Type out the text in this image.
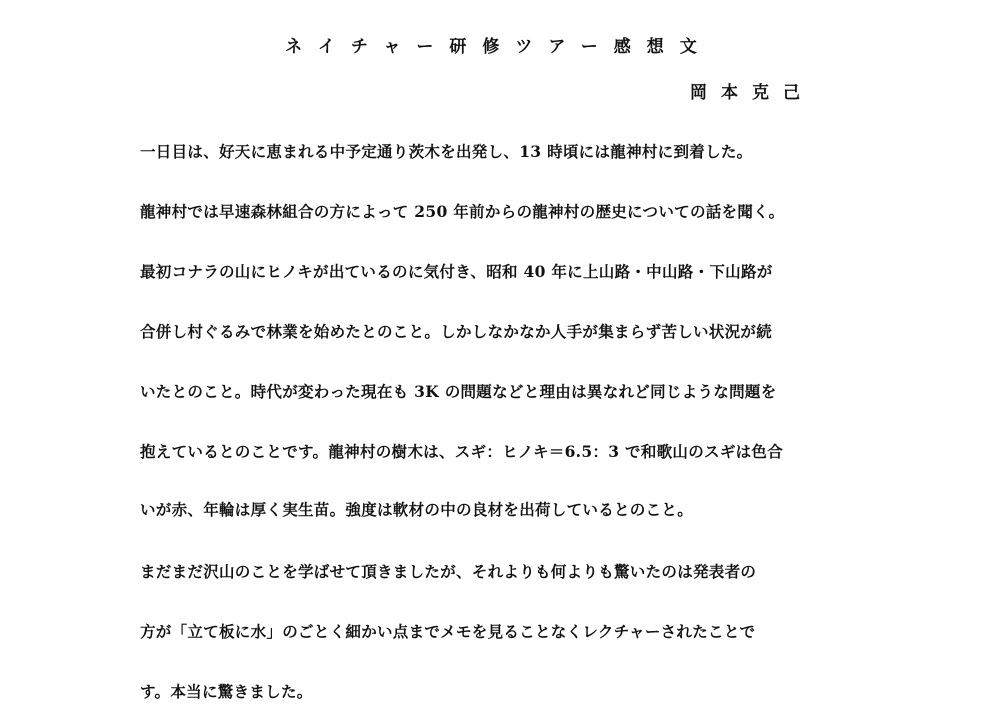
ネイチャー研修ツアー感想文
岡本克己
一日目は、好天に恵まれる中予定通り茨木を出発し、13 時頃には龍神村に到着した。
龍神村では早速森林組合の方によって 250 年前からの龍神村の歴史についての話を聞く。
最初コナラの山にヒノキが出ているのに気付き、昭和 40 年に上山路・中山路・下山路が
合併し村ぐるみで林業を始めたとのこと。しかしなかなか人手が集まらず苦しい状況が続
いたとのこと。時代が変わった現在も 3K の問題などと理由は異なれど同じような問題を
抱えているとのことです。龍神村の樹木は、スギ：ヒノキ＝6.5：3 で和歌山のスギは色合
いが赤、年輪は厚く実生苗。強度は軟材の中の良材を出荷しているとのこと。
まだまだ沢山のことを学ばせて頂きましたが、それよりも何よりも驚いたのは発表者の
方が「立て板に水」のごとく細かい点までメモを見ることなくレクチャーされたことで
す。本当に驚きました。
